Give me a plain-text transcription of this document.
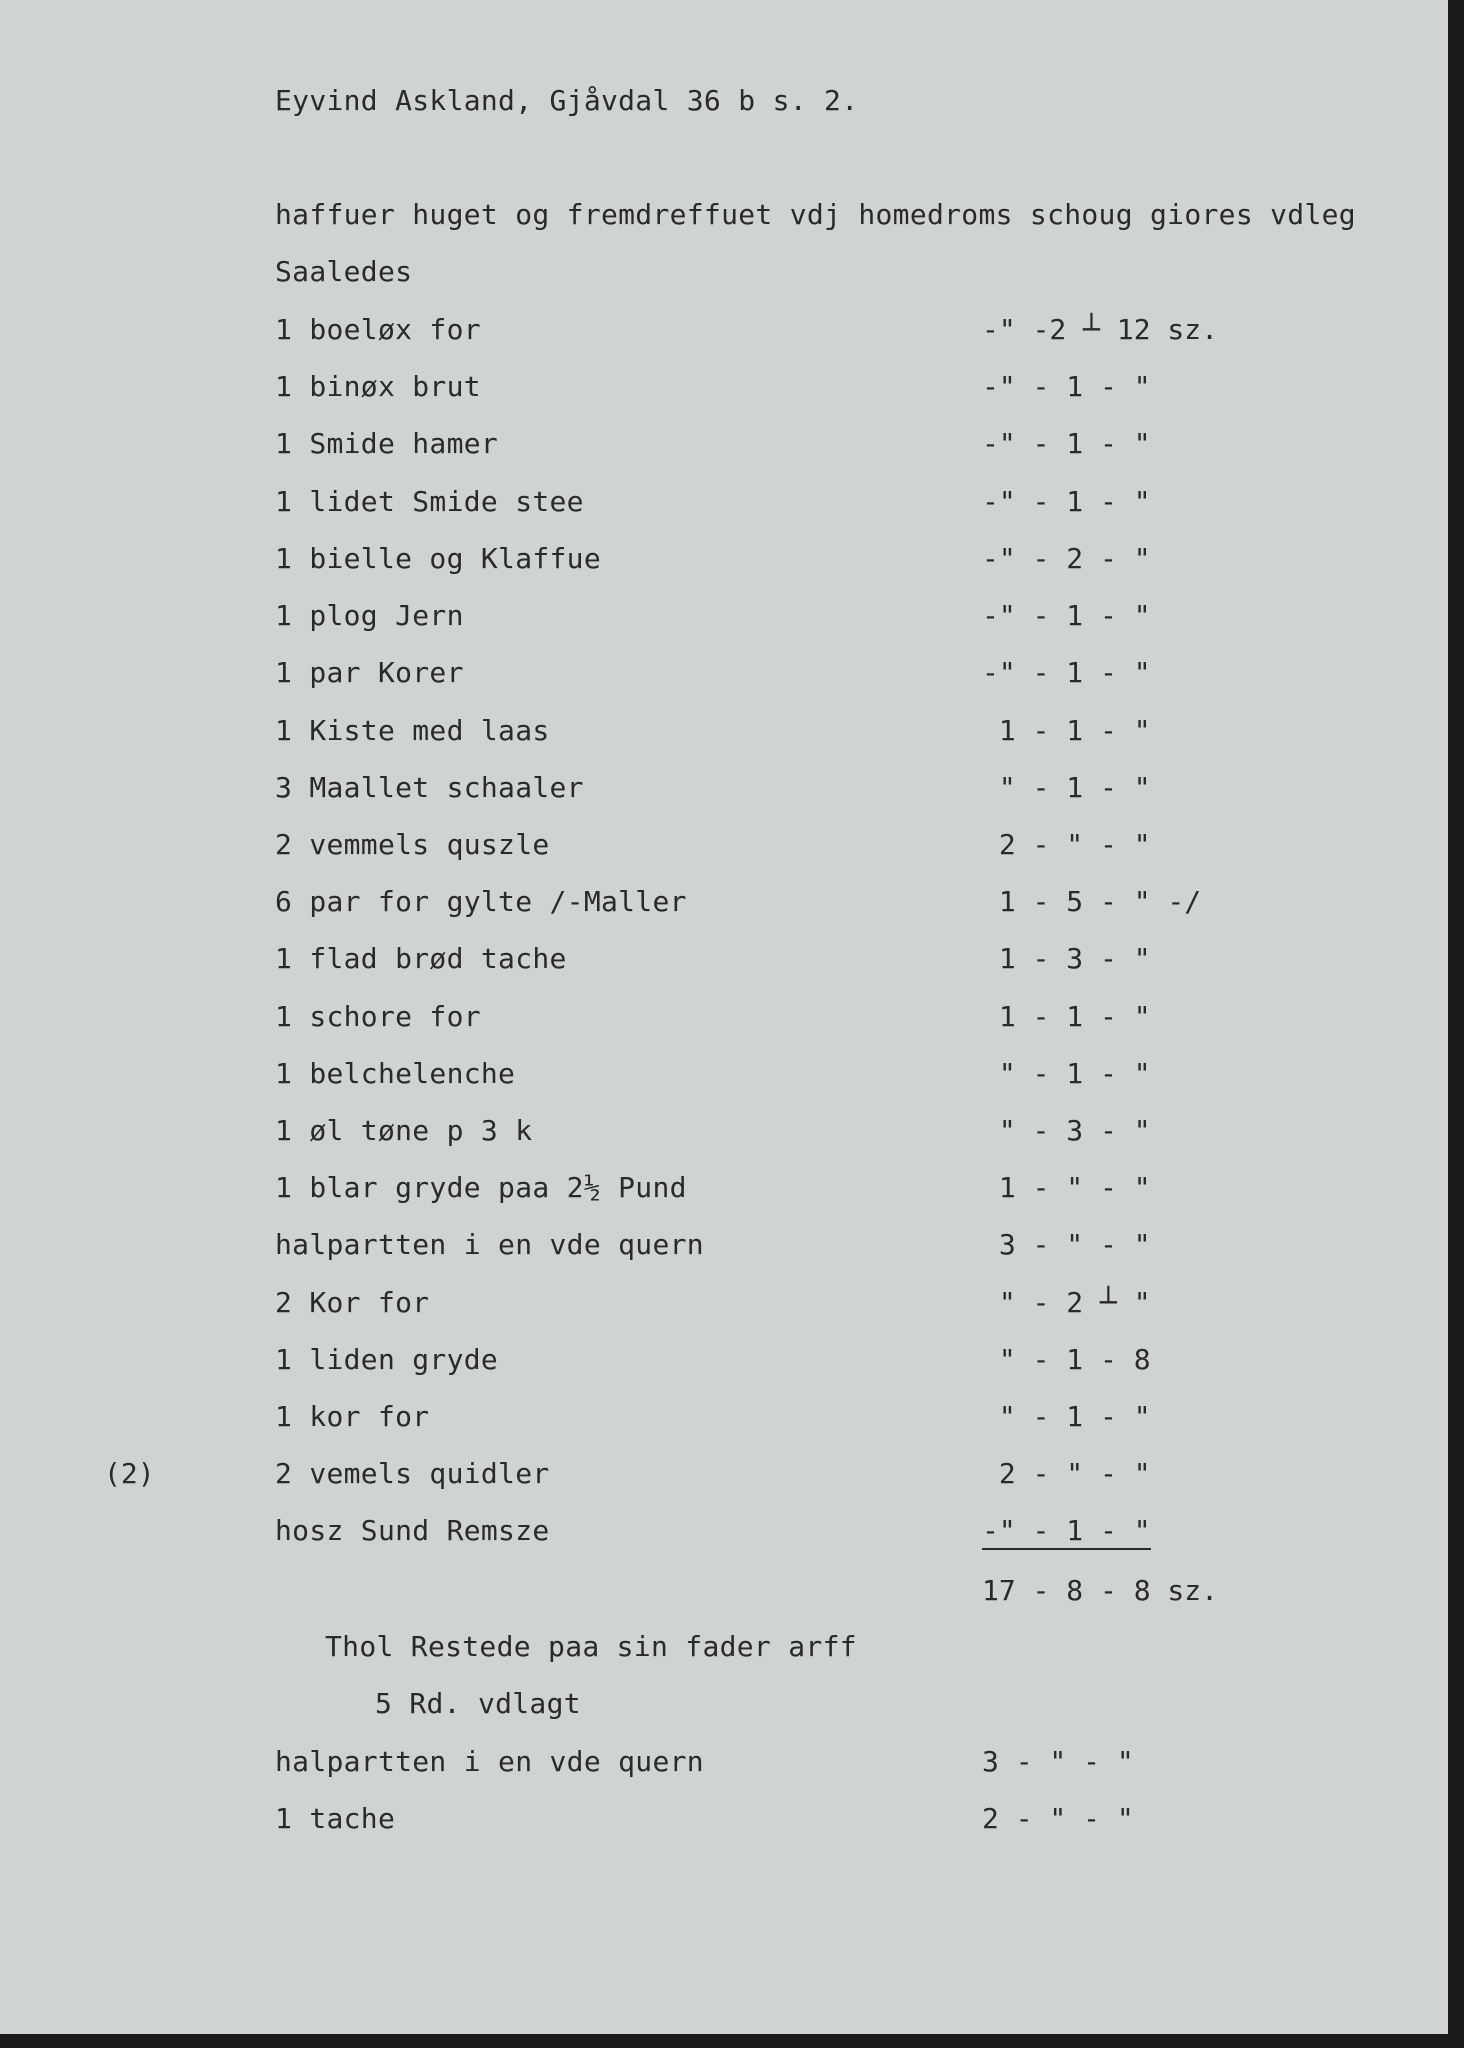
Eyvind Askland, Gjåvdal 36 b s. 2.
haffuer huget og fremdreffuet vdj homedroms schoug giores vdleg
Saaledes
1 boeløx for	-" -2 ┴ 12 sz.
1 binøx brut	-" - 1 - "
1 Smide hamer	-" - 1 - "
1 lidet Smide stee	-" - 1 - "
1 bielle og Klaffue	-" - 2 - "
1 plog Jern	-" - 1 - "
1 par Korer	-" - 1 - "
1 Kiste med laas	1 - 1 - "
3 Maallet schaaler	" - 1 - "
2 vemmels quszle	2 - " - "
6 par for gylte /-Maller	1 - 5 - " -/
1 flad brød tache	1 - 3 - "
1 schore for	1 - 1 - "
1 belchelenche	" - 1 - "
1 øl tøne p 3 k	" - 3 - "
1 blar gryde paa 2½ Pund	1 - " - "
halpartten i en vde quern	3 - " - "
2 Kor for	" - 2 ┴ "
1 liden gryde	" - 1 - 8
1 kor for	" - 1 - "
(2)	2 vemels quidler	2 - " - "
hosz Sund Remsze	-" - 1 - "
17 - 8 - 8 sz.
Thol Restede paa sin fader arff
5 Rd. vdlagt
halpartten i en vde quern	3 - " - "
1 tache	2 - " - "
